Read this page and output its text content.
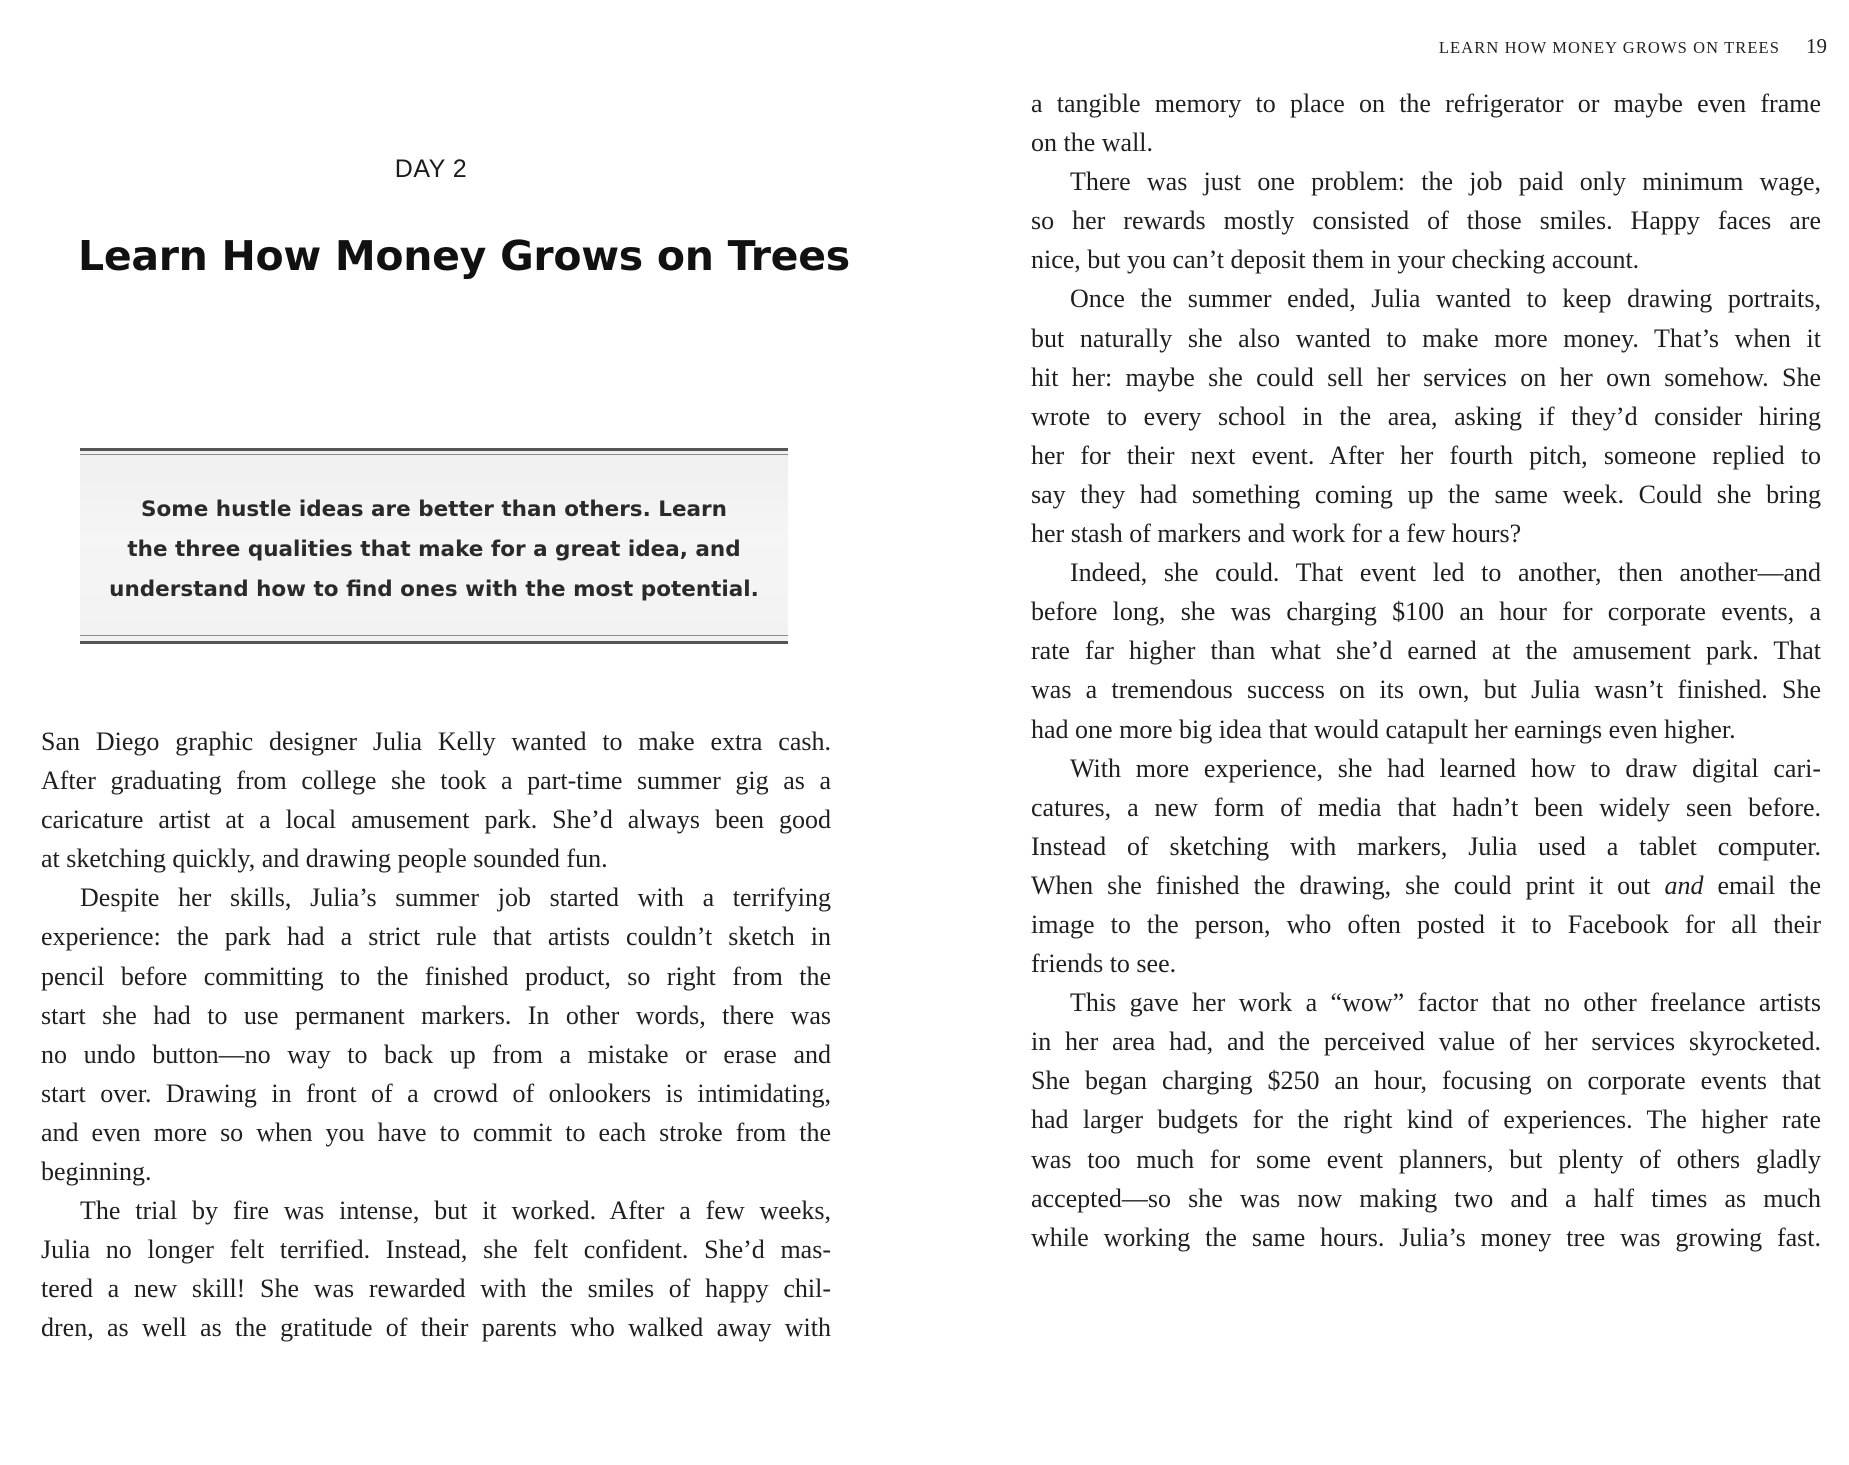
DAY 2
Learn How Money Grows on Trees
Some hustle ideas are better than others. Learn
the three qualities that make for a great idea, and
understand how to find ones with the most potential.
San Diego graphic designer Julia Kelly wanted to make extra cash.
After graduating from college she took a part-time summer gig as a
caricature artist at a local amusement park. She’d always been good
at sketching quickly, and drawing people sounded fun.
Despite her skills, Julia’s summer job started with a terrifying
experience: the park had a strict rule that artists couldn’t sketch in
pencil before committing to the finished product, so right from the
start she had to use permanent markers. In other words, there was
no undo button—no way to back up from a mistake or erase and
start over. Drawing in front of a crowd of onlookers is intimidating,
and even more so when you have to commit to each stroke from the
beginning.
The trial by fire was intense, but it worked. After a few weeks,
Julia no longer felt terrified. Instead, she felt confident. She’d mas-
tered a new skill! She was rewarded with the smiles of happy chil-
dren, as well as the gratitude of their parents who walked away with
LEARN HOW MONEY GROWS ON TREES 19
a tangible memory to place on the refrigerator or maybe even frame
on the wall.
There was just one problem: the job paid only minimum wage,
so her rewards mostly consisted of those smiles. Happy faces are
nice, but you can’t deposit them in your checking account.
Once the summer ended, Julia wanted to keep drawing portraits,
but naturally she also wanted to make more money. That’s when it
hit her: maybe she could sell her services on her own somehow. She
wrote to every school in the area, asking if they’d consider hiring
her for their next event. After her fourth pitch, someone replied to
say they had something coming up the same week. Could she bring
her stash of markers and work for a few hours?
Indeed, she could. That event led to another, then another—and
before long, she was charging $100 an hour for corporate events, a
rate far higher than what she’d earned at the amusement park. That
was a tremendous success on its own, but Julia wasn’t finished. She
had one more big idea that would catapult her earnings even higher.
With more experience, she had learned how to draw digital cari-
catures, a new form of media that hadn’t been widely seen before.
Instead of sketching with markers, Julia used a tablet computer.
When she finished the drawing, she could print it out and email the
image to the person, who often posted it to Facebook for all their
friends to see.
This gave her work a “wow” factor that no other freelance artists
in her area had, and the perceived value of her services skyrocketed.
She began charging $250 an hour, focusing on corporate events that
had larger budgets for the right kind of experiences. The higher rate
was too much for some event planners, but plenty of others gladly
accepted—so she was now making two and a half times as much
while working the same hours. Julia’s money tree was growing fast.
